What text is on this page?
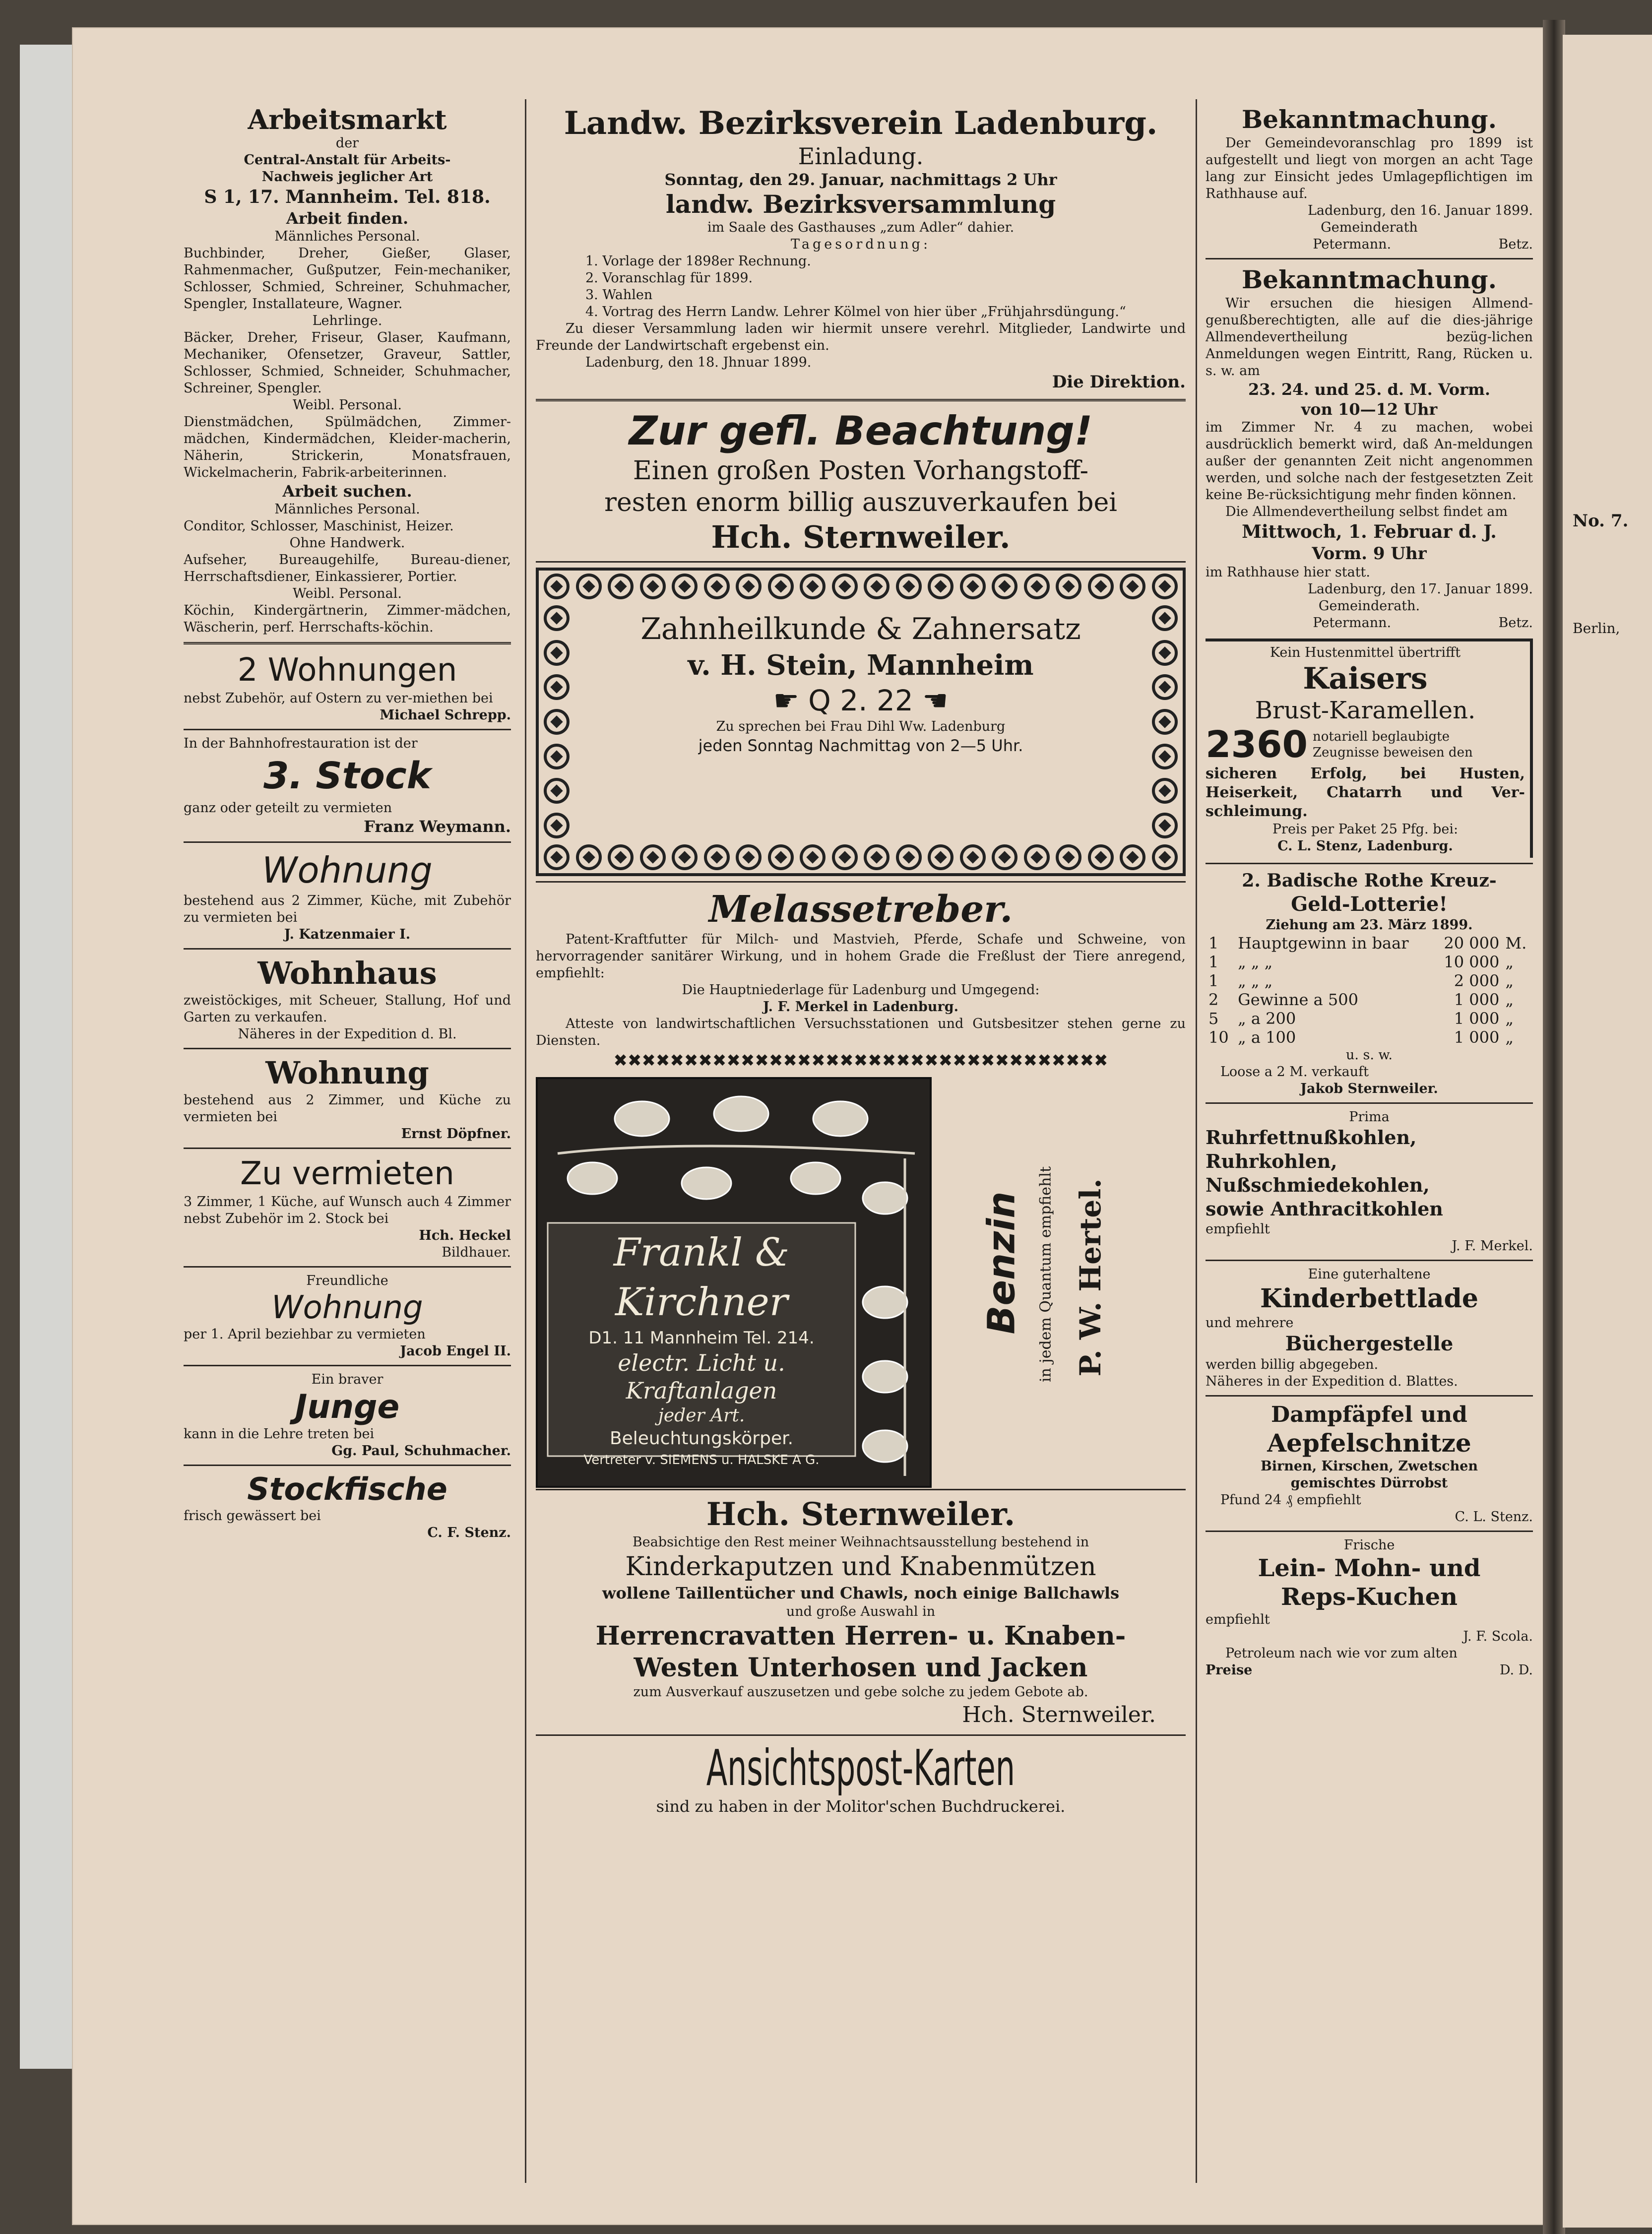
No. 7.
Berlin,
Arbeitsmarkt
der
Central-Anstalt für Arbeits-
Nachweis jeglicher Art
S 1, 17. Mannheim. Tel. 818.
Arbeit finden.
Männliches Personal.

Buchbinder, Dreher, Gießer, Glaser, Rahmenmacher, Gußputzer, Fein-mechaniker, Schlosser, Schmied, Schreiner, Schuhmacher, Spengler, Installateure, Wagner.

Lehrlinge.

Bäcker, Dreher, Friseur, Glaser, Kaufmann, Mechaniker, Ofensetzer, Graveur, Sattler, Schlosser, Schmied, Schneider, Schuhmacher, Schreiner, Spengler.

Weibl. Personal.

Dienstmädchen, Spülmädchen, Zimmer-mädchen, Kindermädchen, Kleider-macherin, Näherin, Strickerin, Monatsfrauen, Wickelmacherin, Fabrik-arbeiterinnen.

Arbeit suchen.
Männliches Personal.

Conditor, Schlosser, Maschinist, Heizer.

Ohne Handwerk.

Aufseher, Bureaugehilfe, Bureau-diener, Herrschaftsdiener, Einkassierer, Portier.

Weibl. Personal.

Köchin, Kindergärtnerin, Zimmer-mädchen, Wäscherin, perf. Herrschafts-köchin.

2 Wohnungen

nebst Zubehör, auf Ostern zu ver-miethen bei

Michael Schrepp.

In der Bahnhofrestauration ist der

3. Stock

ganz oder geteilt zu vermieten

Franz Weymann.
Wohnung

bestehend aus 2 Zimmer, Küche, mit Zubehör zu vermieten bei

J. Katzenmaier I.
Wohnhaus

zweistöckiges, mit Scheuer, Stallung, Hof und Garten zu verkaufen.

Näheres in der Expedition d. Bl.
Wohnung

bestehend aus 2 Zimmer, und Küche zu vermieten bei

Ernst Döpfner.
Zu vermieten

3 Zimmer, 1 Küche, auf Wunsch auch 4 Zimmer nebst Zubehör im 2. Stock bei

Hch. Heckel
Bildhauer.
Freundliche
Wohnung

per 1. April beziehbar zu vermieten

Jacob Engel II.
Ein braver
Junge

kann in die Lehre treten bei

Gg. Paul, Schuhmacher.
Stockfische

frisch gewässert bei

C. F. Stenz.
Landw. Bezirksverein Ladenburg.
Einladung.
Sonntag, den 29. Januar, nachmittags 2 Uhr
landw. Bezirksversammlung
im Saale des Gasthauses „zum Adler“ dahier.
Tagesordnung:
1. Vorlage der 1898er Rechnung.
2. Voranschlag für 1899.
3. Wahlen
4. Vortrag des Herrn Landw. Lehrer Kölmel von hier über „Frühjahrsdüngung.“

Zu dieser Versammlung laden wir hiermit unsere verehrl. Mitglieder, Landwirte und Freunde der Landwirtschaft ergebenst ein.

Ladenburg, den 18. Jhnuar 1899.
Die Direktion.
Zur gefl. Beachtung!
Einen großen Posten Vorhangstoff-
resten enorm billig auszuverkaufen bei
Hch. Sternweiler.
Zahnheilkunde & Zahnersatz
v. H. Stein, Mannheim
☛ Q 2. 22 ☚
Zu sprechen bei Frau Dihl Ww. Ladenburg
jeden Sonntag Nachmittag von 2—5 Uhr.
Melassetreber.

Patent-Kraftfutter für Milch- und Mastvieh, Pferde, Schafe und Schweine, von hervorragender sanitärer Wirkung, und in hohem Grade die Freßlust der Tiere anregend, empfiehlt:

Die Hauptniederlage für Ladenburg und Umgegend:
J. F. Merkel in Ladenburg.

Atteste von landwirtschaftlichen Versuchsstationen und Gutsbesitzer stehen gerne zu Diensten.

✖✖✖✖✖✖✖✖✖✖✖✖✖✖✖✖✖✖✖✖✖✖✖✖✖✖✖✖✖✖✖✖✖✖✖
Frankl & Kirchner
D1. 11 Mannheim Tel. 214.
electr. Licht u. Kraftanlagen
jeder Art.
Beleuchtungskörper.
Vertreter v. SIEMENS u. HALSKE A G.
Benzin in jedem Quantum empfiehlt P. W. Hertel.
Hch. Sternweiler.
Beabsichtige den Rest meiner Weihnachtsausstellung bestehend in
Kinderkaputzen und Knabenmützen
wollene Taillentücher und Chawls, noch einige Ballchawls
und große Auswahl in
Herrencravatten Herren- u. Knaben-
Westen Unterhosen und Jacken
zum Ausverkauf auszusetzen und gebe solche zu jedem Gebote ab.
Hch. Sternweiler.
Ansichtspost-Karten
sind zu haben in der Molitor'schen Buchdruckerei.
Bekanntmachung.

Der Gemeindevoranschlag pro 1899 ist aufgestellt und liegt von morgen an acht Tage lang zur Einsicht jedes Umlagepflichtigen im Rathhause auf.

Ladenburg, den 16. Januar 1899.
Gemeinderath
Petermann.	Betz.
Bekanntmachung.

Wir ersuchen die hiesigen Allmend-genußberechtigten, alle auf die dies-jährige Allmendevertheilung bezüg-lichen Anmeldungen wegen Eintritt, Rang, Rücken u. s. w. am

23. 24. und 25. d. M. Vorm.
von 10—12 Uhr

im Zimmer Nr. 4 zu machen, wobei ausdrücklich bemerkt wird, daß An-meldungen außer der genannten Zeit nicht angenommen werden, und solche nach der festgesetzten Zeit keine Be-rücksichtigung mehr finden können.

Die Allmendevertheilung selbst findet am

Mittwoch, 1. Februar d. J.
Vorm. 9 Uhr
im Rathhause hier statt.
Ladenburg, den 17. Januar 1899.
Gemeinderath.
Petermann.	Betz.
Kein Hustenmittel übertrifft
Kaisers
Brust-Karamellen.
2360 notariell beglaubigte
Zeugnisse beweisen den

sicheren Erfolg, bei Husten, Heiserkeit, Chatarrh und Ver-schleimung.

Preis per Paket 25 Pfg. bei:
C. L. Stenz, Ladenburg.
2. Badische Rothe Kreuz-
Geld-Lotterie!
Ziehung am 23. März 1899.
1	Hauptgewinn in baar	20 000	M.
1	„ „ „	10 000	„
1	„ „ „	2 000	„
2	Gewinne a 500	1 000	„
5	„ a 200	1 000	„
10	„ a 100	1 000	„
u. s. w.
Loose a 2 M. verkauft
Jakob Sternweiler.
Prima
Ruhrfettnußkohlen,
Ruhrkohlen,
Nußschmiedekohlen,
sowie Anthracitkohlen
empfiehlt
J. F. Merkel.
Eine guterhaltene
Kinderbettlade
und mehrere
Büchergestelle
werden billig abgegeben.
Näheres in der Expedition d. Blattes.
Dampfäpfel und
Aepfelschnitze
Birnen, Kirschen, Zwetschen
gemischtes Dürrobst
Pfund 24 ₰ empfiehlt
C. L. Stenz.
Frische
Lein- Mohn- und
Reps-Kuchen
empfiehlt
J. F. Scola.
Petroleum nach wie vor zum alten
Preise	D. D.
